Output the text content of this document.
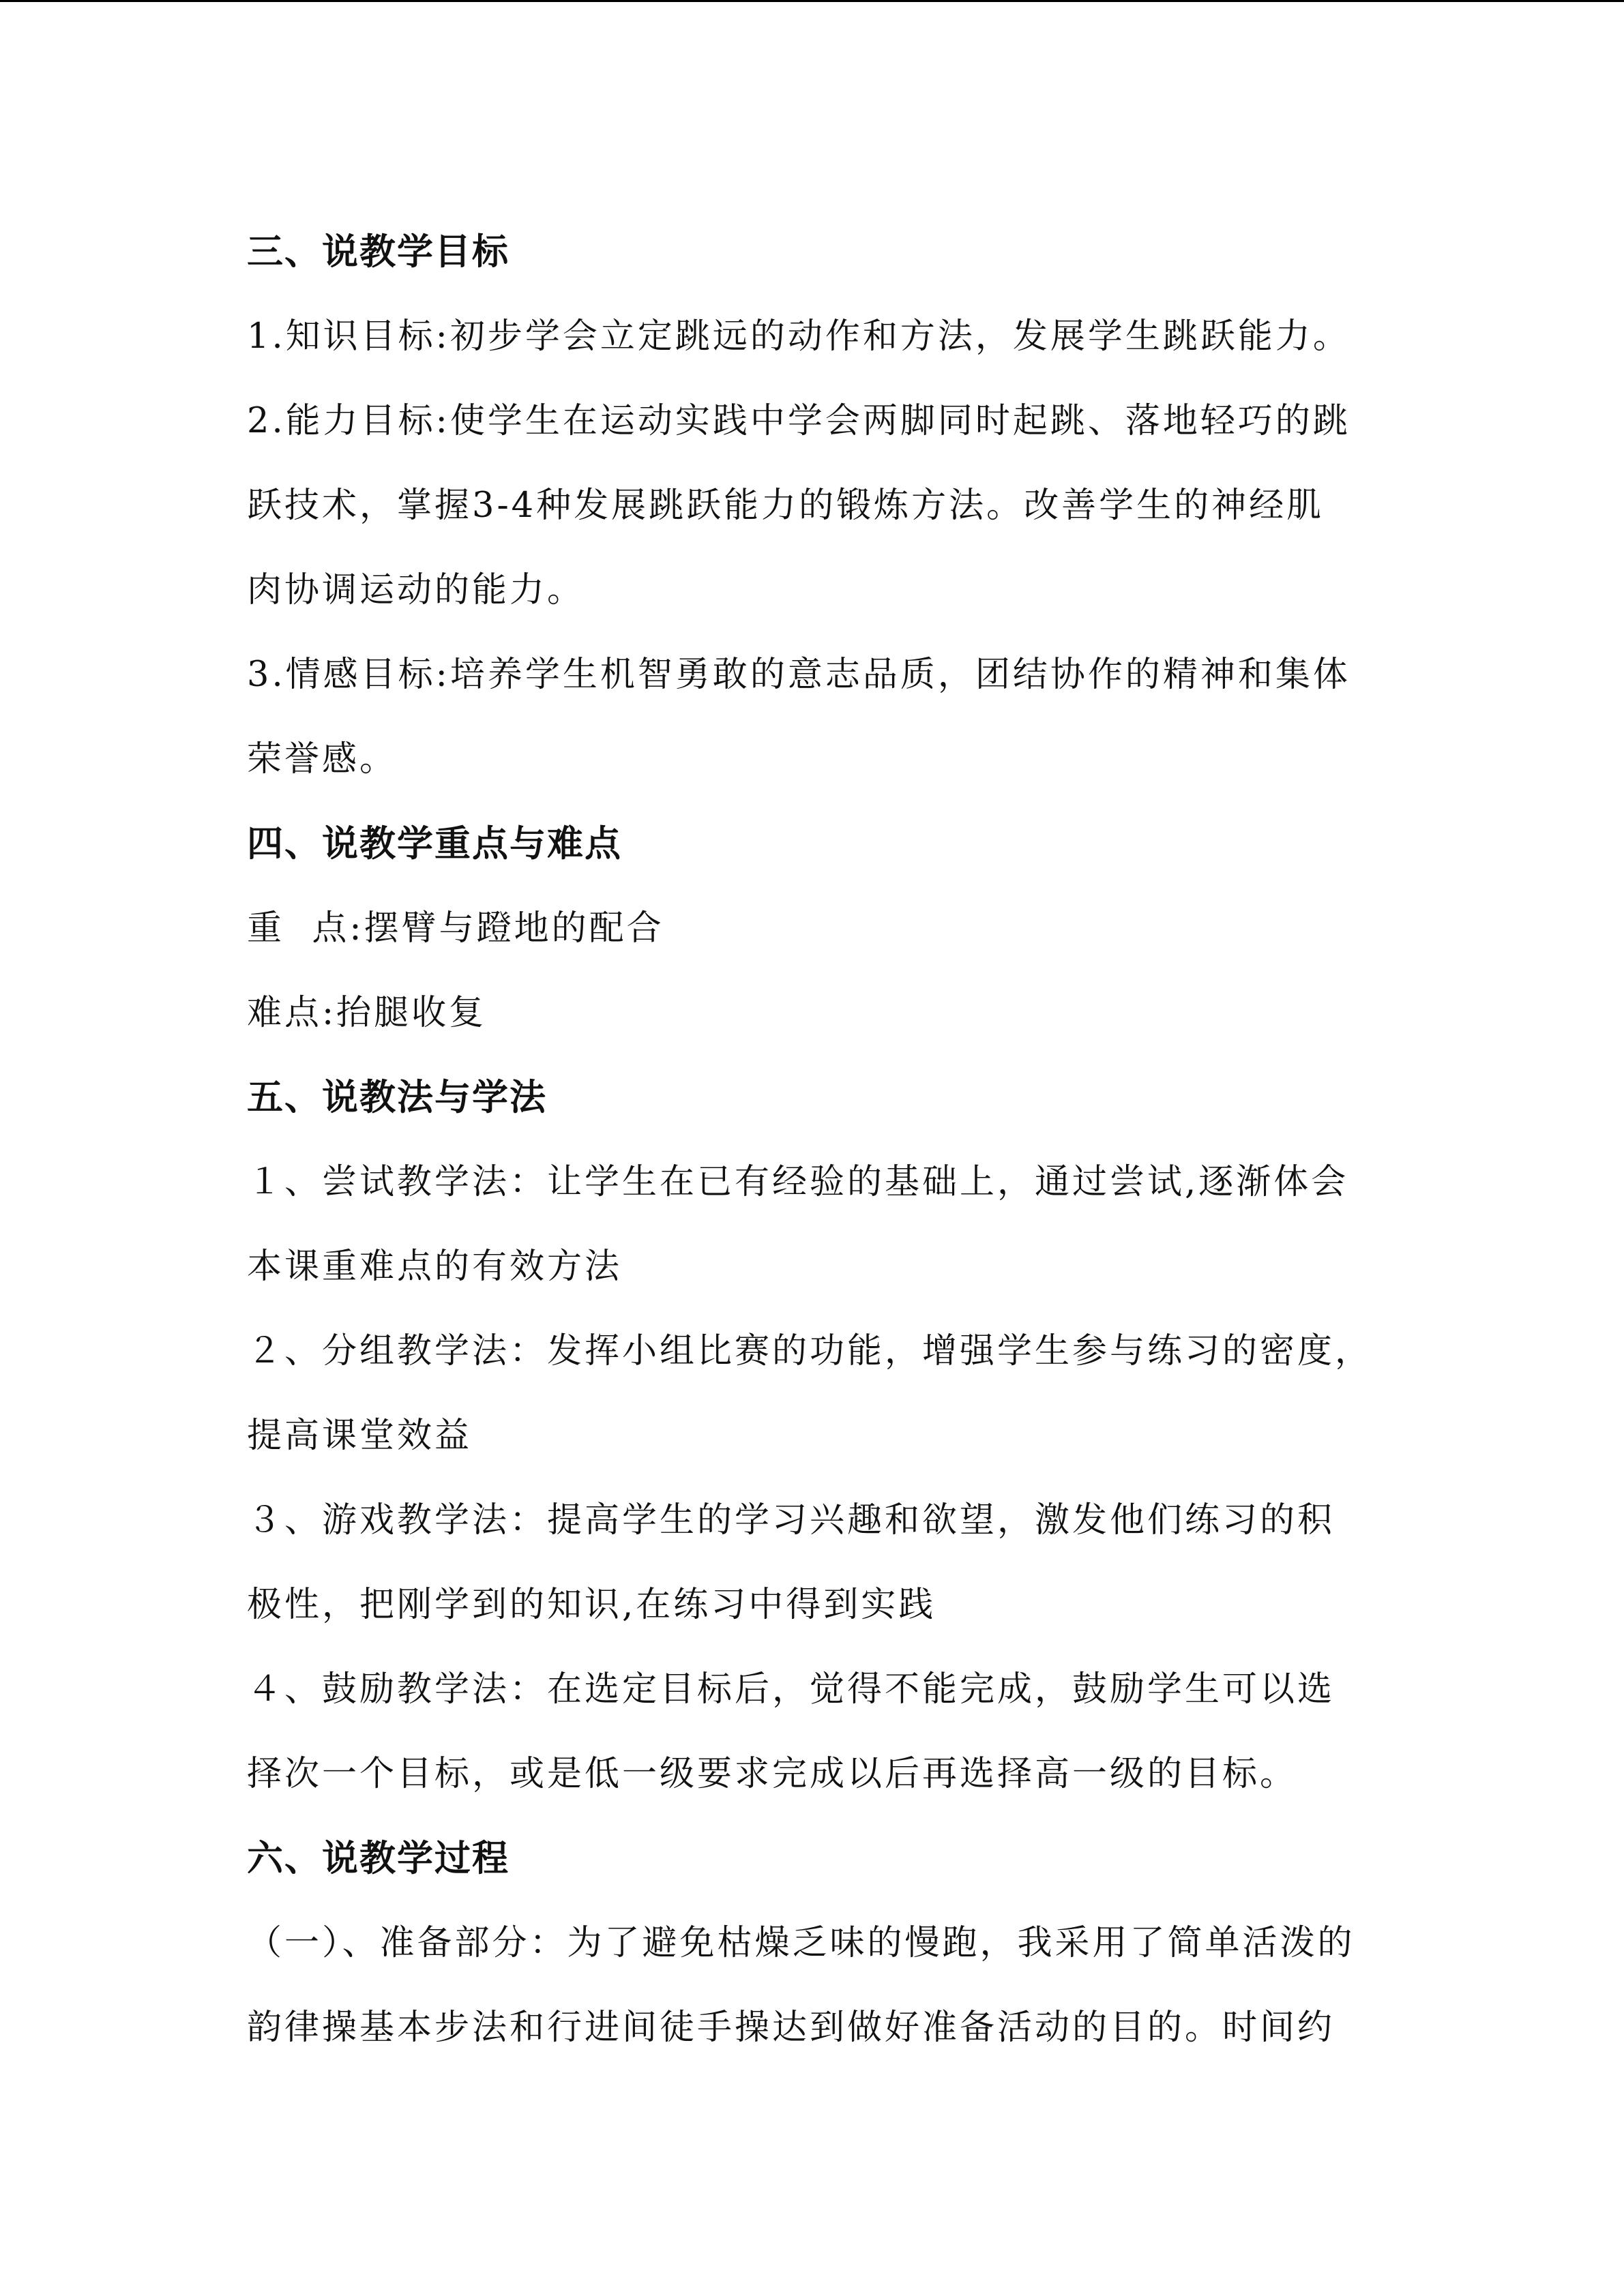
三、说教学目标

1.知识目标:初步学会立定跳远的动作和方法，发展学生跳跃能力。

2.能力目标:使学生在运动实践中学会两脚同时起跳、落地轻巧的跳
跃技术，掌握3-4种发展跳跃能力的锻炼方法。改善学生的神经肌
肉协调运动的能力。

3.情感目标:培养学生机智勇敢的意志品质，团结协作的精神和集体
荣誉感。

四、说教学重点与难点

重  点:摆臂与蹬地的配合

难点:抬腿收复

五、说教法与学法

１、尝试教学法：让学生在已有经验的基础上，通过尝试,逐渐体会
本课重难点的有效方法

２、分组教学法：发挥小组比赛的功能，增强学生参与练习的密度，
提高课堂效益

３、游戏教学法：提高学生的学习兴趣和欲望，激发他们练习的积
极性，把刚学到的知识,在练习中得到实践

４、鼓励教学法：在选定目标后，觉得不能完成，鼓励学生可以选
择次一个目标，或是低一级要求完成以后再选择高一级的目标。

六、说教学过程

（一）、准备部分：为了避免枯燥乏味的慢跑，我采用了简单活泼的
韵律操基本步法和行进间徒手操达到做好准备活动的目的。时间约
